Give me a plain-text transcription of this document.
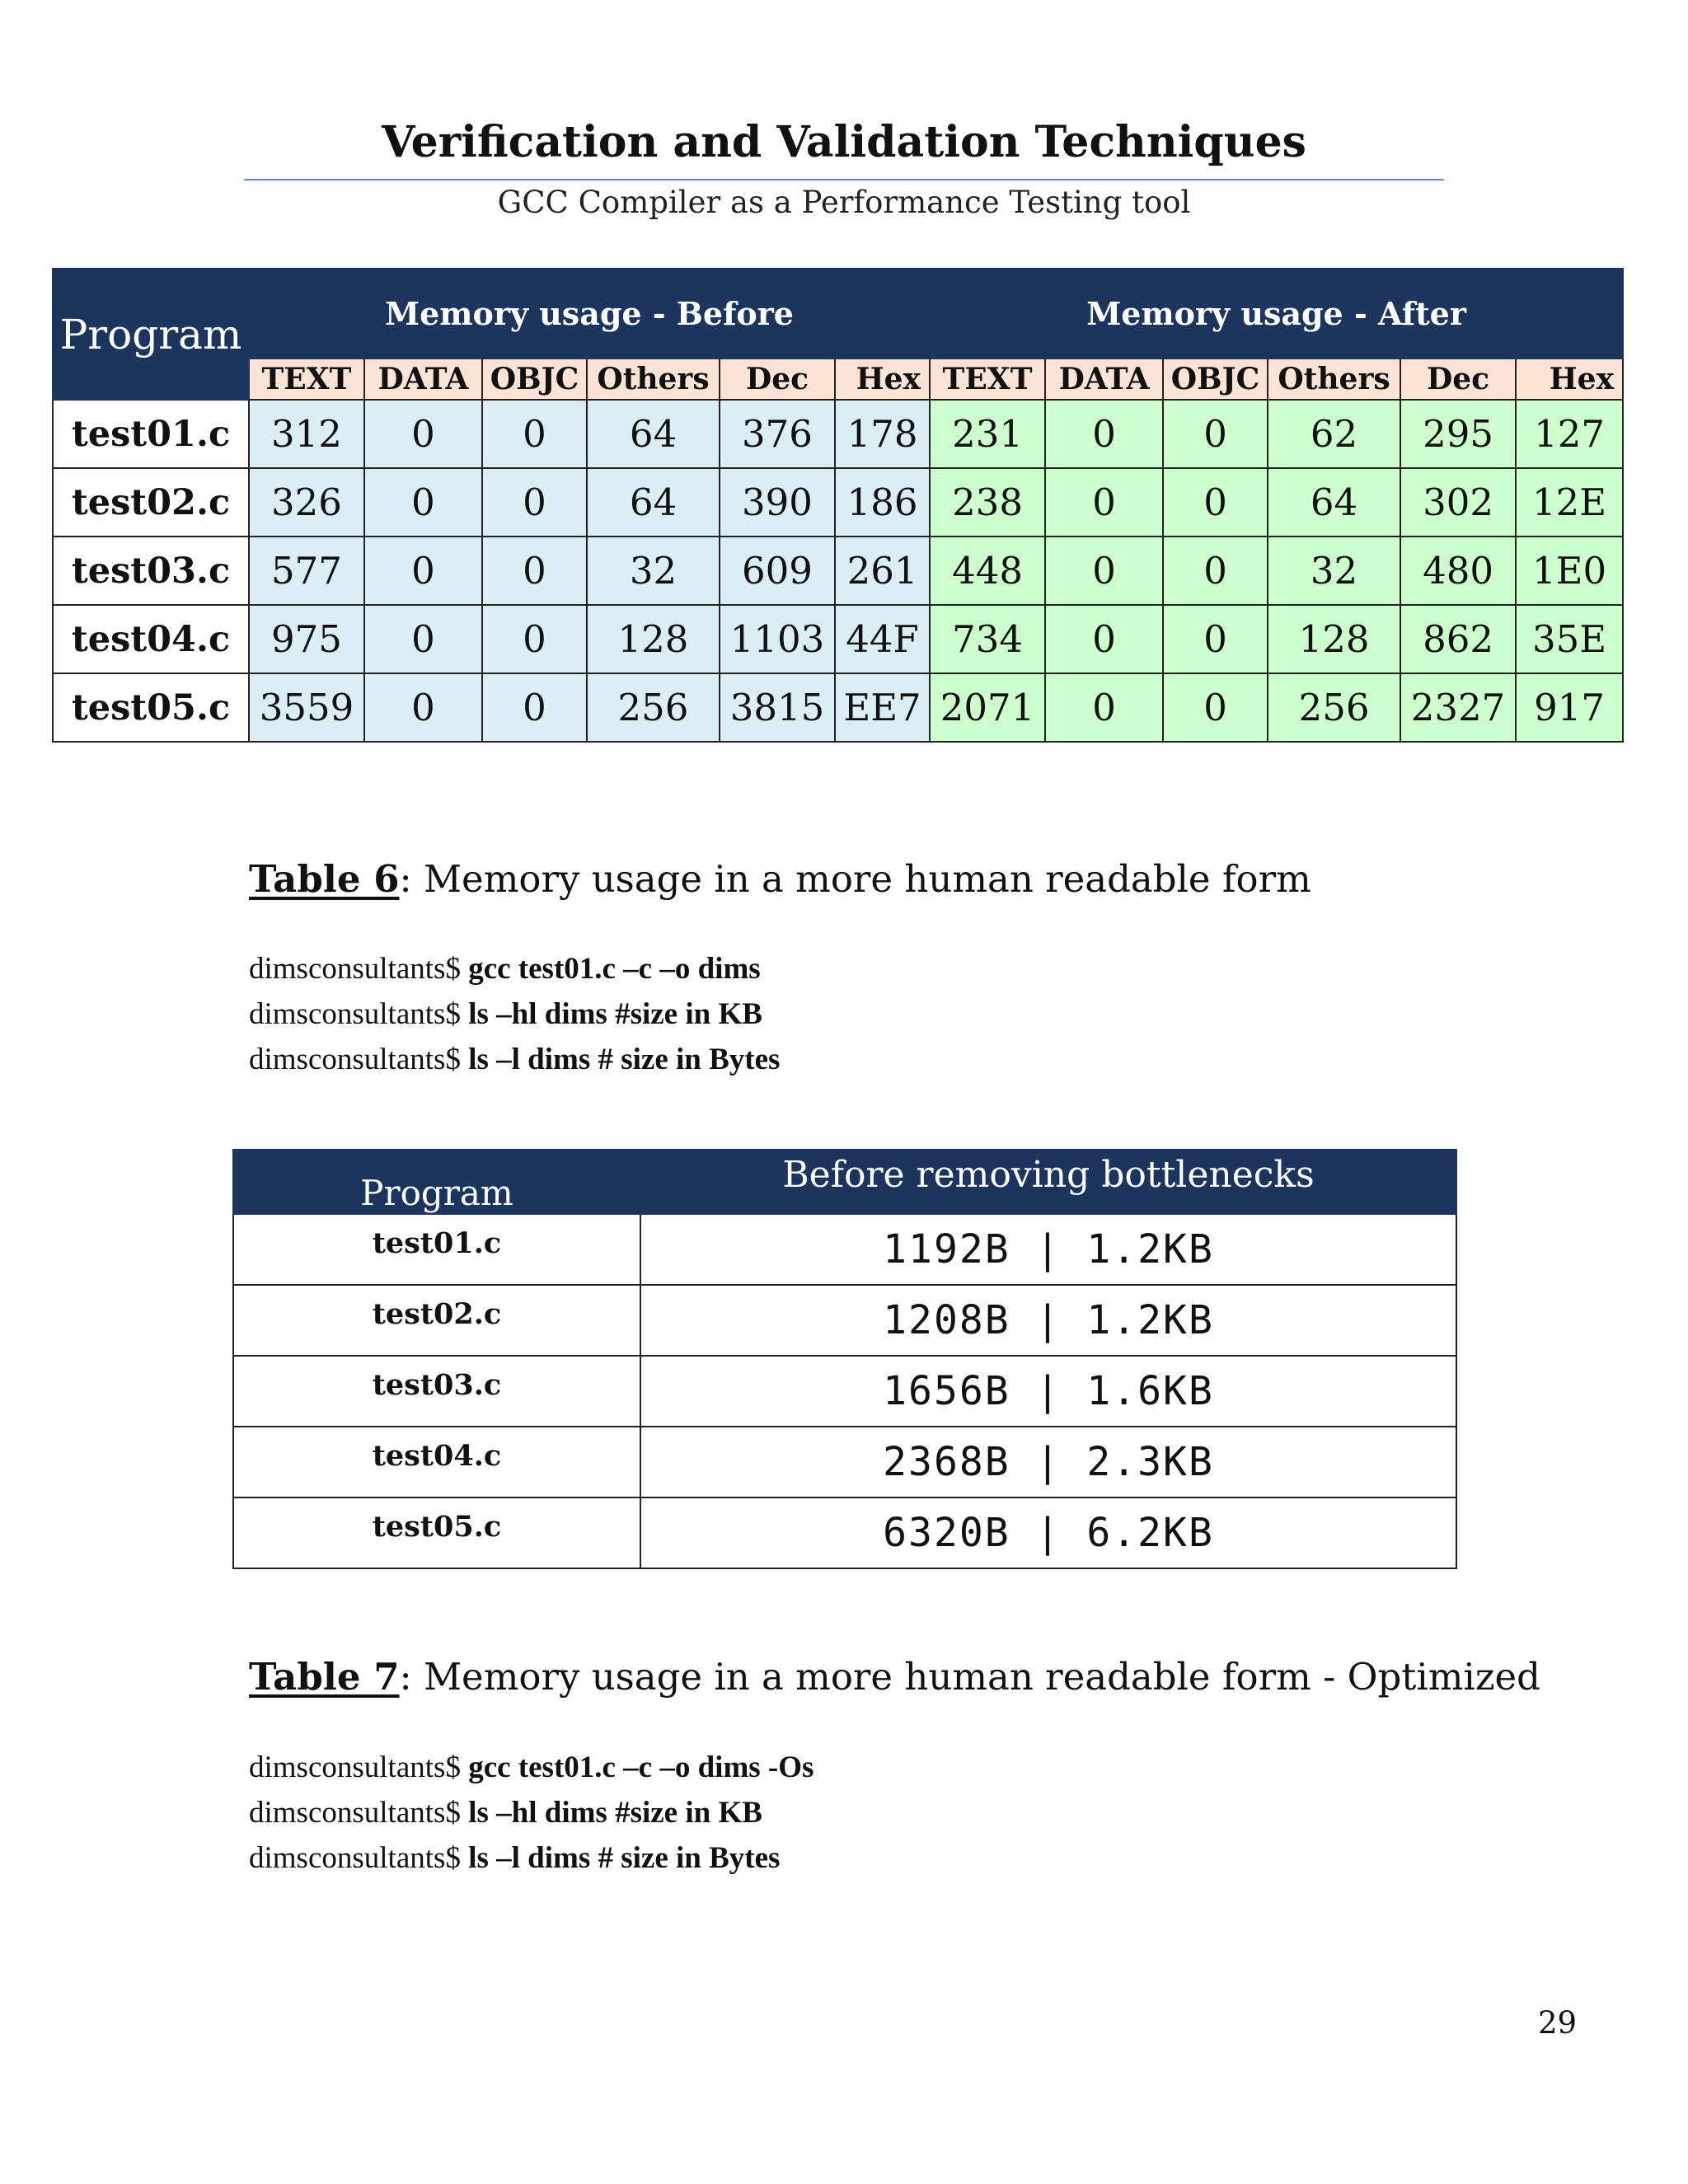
Verification and Validation Techniques
GCC Compiler as a Performance Testing tool
Program	Memory usage - Before						Memory usage - After					
	TEXT	DATA	OBJC	Others	Dec	Hex	TEXT	DATA	OBJC	Others	Dec	Hex
test01.c	312	0	0	64	376	178	231	0	0	62	295	127
test02.c	326	0	0	64	390	186	238	0	0	64	302	12E
test03.c	577	0	0	32	609	261	448	0	0	32	480	1E0
test04.c	975	0	0	128	1103	44F	734	0	0	128	862	35E
test05.c	3559	0	0	256	3815	EE7	2071	0	0	256	2327	917
Table 6: Memory usage in a more human readable form
dimsconsultants$ gcc test01.c –c –o dims
dimsconsultants$ ls –hl dims #size in KB
dimsconsultants$ ls –l dims # size in Bytes
Program	Before removing bottlenecks
test01.c	1192B | 1.2KB
test02.c	1208B | 1.2KB
test03.c	1656B | 1.6KB
test04.c	2368B | 2.3KB
test05.c	6320B | 6.2KB
Table 7: Memory usage in a more human readable form - Optimized
dimsconsultants$ gcc test01.c –c –o dims -Os
dimsconsultants$ ls –hl dims #size in KB
dimsconsultants$ ls –l dims # size in Bytes
29
